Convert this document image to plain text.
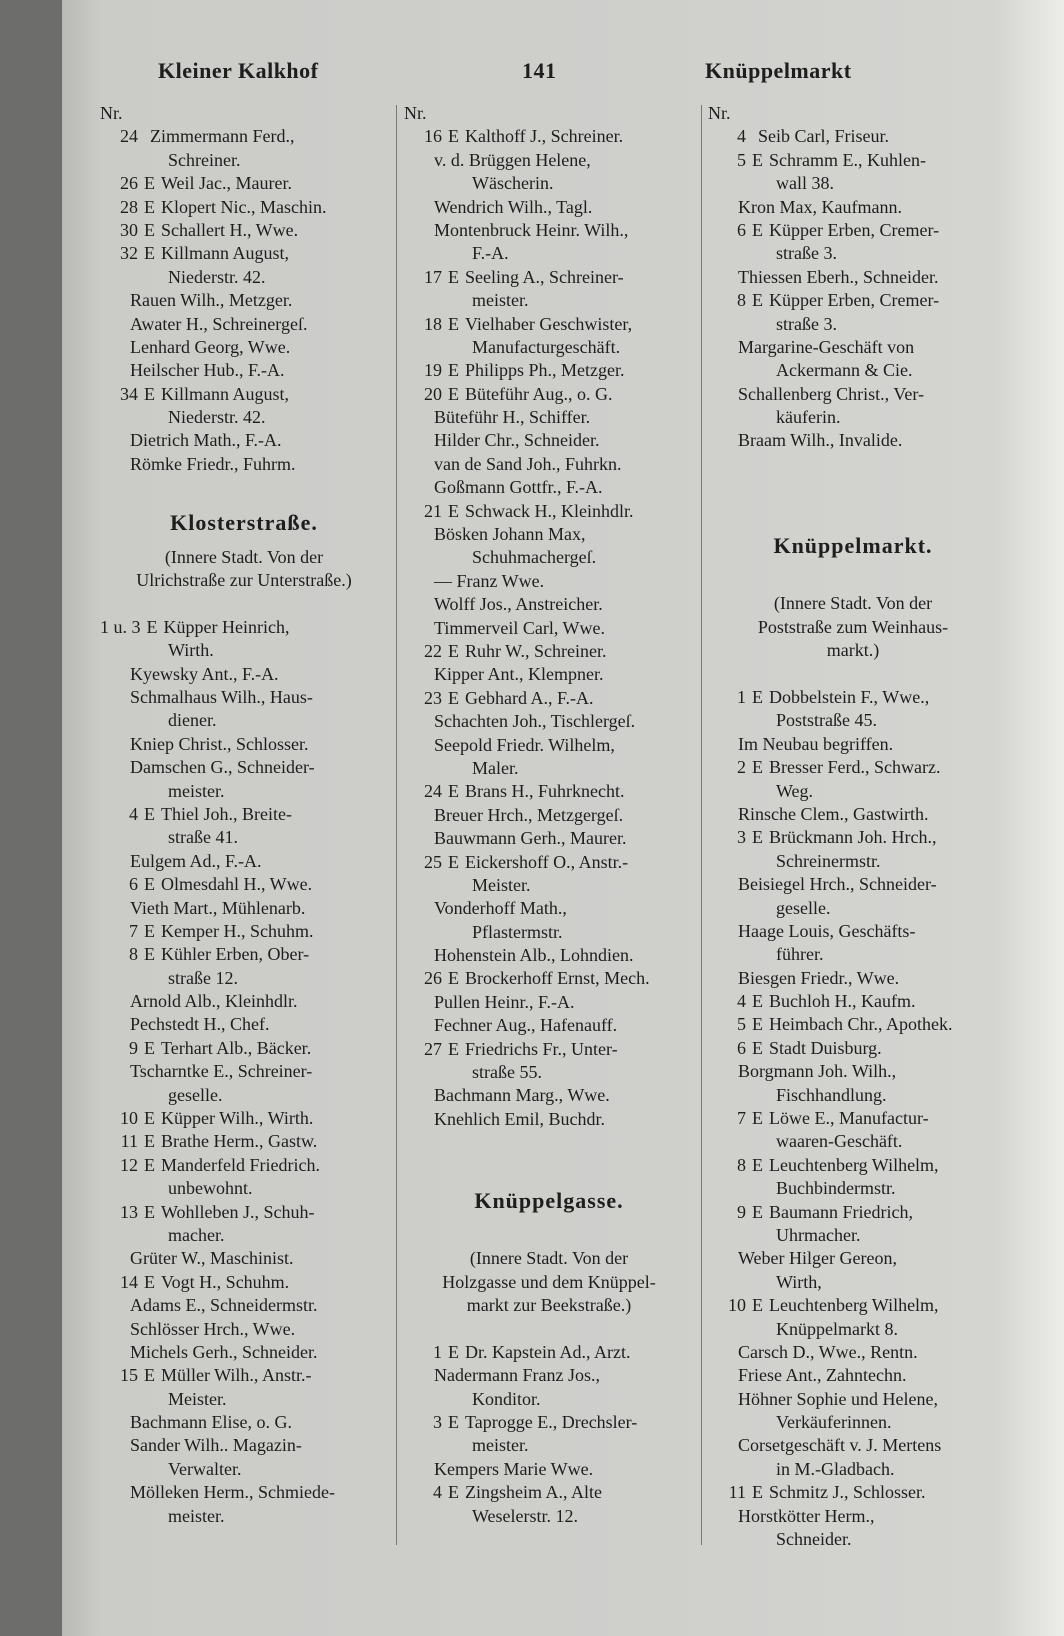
Kleiner Kalkhof	141	Knüppelmarkt
Nr.
24 Zimmermann Ferd.,
Schreiner.
26 E Weil Jac., Maurer.
28 E Klopert Nic., Maschin.
30 E Schallert H., Wwe.
32 E Killmann August,
Niederstr. 42.
Rauen Wilh., Metzger.
Awater H., Schreinergeſ.
Lenhard Georg, Wwe.
Heilscher Hub., F.-A.
34 E Killmann August,
Niederstr. 42.
Dietrich Math., F.-A.
Römke Friedr., Fuhrm.
Klosterstraße.
(Innere Stadt. Von der
Ulrichstraße zur Unterstraße.)
1 u. 3 E Küpper Heinrich,
Wirth.
Kyewsky Ant., F.-A.
Schmalhaus Wilh., Haus-
diener.
Kniep Christ., Schlosser.
Damschen G., Schneider-
meister.
4 E Thiel Joh., Breite-
straße 41.
Eulgem Ad., F.-A.
6 E Olmesdahl H., Wwe.
Vieth Mart., Mühlenarb.
7 E Kemper H., Schuhm.
8 E Kühler Erben, Ober-
straße 12.
Arnold Alb., Kleinhdlr.
Pechstedt H., Chef.
9 E Terhart Alb., Bäcker.
Tscharntke E., Schreiner-
geselle.
10 E Küpper Wilh., Wirth.
11 E Brathe Herm., Gastw.
12 E Manderfeld Friedrich.
unbewohnt.
13 E Wohlleben J., Schuh-
macher.
Grüter W., Maschinist.
14 E Vogt H., Schuhm.
Adams E., Schneidermstr.
Schlösser Hrch., Wwe.
Michels Gerh., Schneider.
15 E Müller Wilh., Anstr.-
Meister.
Bachmann Elise, o. G.
Sander Wilh.. Magazin-
Verwalter.
Mölleken Herm., Schmiede-
meister.
Nr.
16 E Kalthoff J., Schreiner.
v. d. Brüggen Helene,
Wäscherin.
Wendrich Wilh., Tagl.
Montenbruck Heinr. Wilh.,
F.-A.
17 E Seeling A., Schreiner-
meister.
18 E Vielhaber Geschwister,
Manufacturgeschäft.
19 E Philipps Ph., Metzger.
20 E Büteführ Aug., o. G.
Büteführ H., Schiffer.
Hilder Chr., Schneider.
van de Sand Joh., Fuhrkn.
Goßmann Gottfr., F.-A.
21 E Schwack H., Kleinhdlr.
Bösken Johann Max,
Schuhmachergeſ.
— Franz Wwe.
Wolff Jos., Anstreicher.
Timmerveil Carl, Wwe.
22 E Ruhr W., Schreiner.
Kipper Ant., Klempner.
23 E Gebhard A., F.-A.
Schachten Joh., Tischlergeſ.
Seepold Friedr. Wilhelm,
Maler.
24 E Brans H., Fuhrknecht.
Breuer Hrch., Metzgergeſ.
Bauwmann Gerh., Maurer.
25 E Eickershoff O., Anstr.-
Meister.
Vonderhoff Math.,
Pflastermstr.
Hohenstein Alb., Lohndien.
26 E Brockerhoff Ernst, Mech.
Pullen Heinr., F.-A.
Fechner Aug., Hafenauff.
27 E Friedrichs Fr., Unter-
straße 55.
Bachmann Marg., Wwe.
Knehlich Emil, Buchdr.
Knüppelgasse.
(Innere Stadt. Von der
Holzgasse und dem Knüppel-
markt zur Beekstraße.)
1 E Dr. Kapstein Ad., Arzt.
Nadermann Franz Jos.,
Konditor.
3 E Taprogge E., Drechsler-
meister.
Kempers Marie Wwe.
4 E Zingsheim A., Alte
Weselerstr. 12.
Nr.
4 Seib Carl, Friseur.
5 E Schramm E., Kuhlen-
wall 38.
Kron Max, Kaufmann.
6 E Küpper Erben, Cremer-
straße 3.
Thiessen Eberh., Schneider.
8 E Küpper Erben, Cremer-
straße 3.
Margarine-Geschäft von
Ackermann & Cie.
Schallenberg Christ., Ver-
käuferin.
Braam Wilh., Invalide.
Knüppelmarkt.
(Innere Stadt. Von der
Poststraße zum Weinhaus-
markt.)
1 E Dobbelstein F., Wwe.,
Poststraße 45.
Im Neubau begriffen.
2 E Bresser Ferd., Schwarz.
Weg.
Rinsche Clem., Gastwirth.
3 E Brückmann Joh. Hrch.,
Schreinermstr.
Beisiegel Hrch., Schneider-
geselle.
Haage Louis, Geschäfts-
führer.
Biesgen Friedr., Wwe.
4 E Buchloh H., Kaufm.
5 E Heimbach Chr., Apothek.
6 E Stadt Duisburg.
Borgmann Joh. Wilh.,
Fischhandlung.
7 E Löwe E., Manufactur-
waaren-Geschäft.
8 E Leuchtenberg Wilhelm,
Buchbindermstr.
9 E Baumann Friedrich,
Uhrmacher.
Weber Hilger Gereon,
Wirth,
10 E Leuchtenberg Wilhelm,
Knüppelmarkt 8.
Carsch D., Wwe., Rentn.
Friese Ant., Zahntechn.
Höhner Sophie und Helene,
Verkäuferinnen.
Corsetgeschäft v. J. Mertens
in M.-Gladbach.
11 E Schmitz J., Schlosser.
Horstkötter Herm.,
Schneider.
